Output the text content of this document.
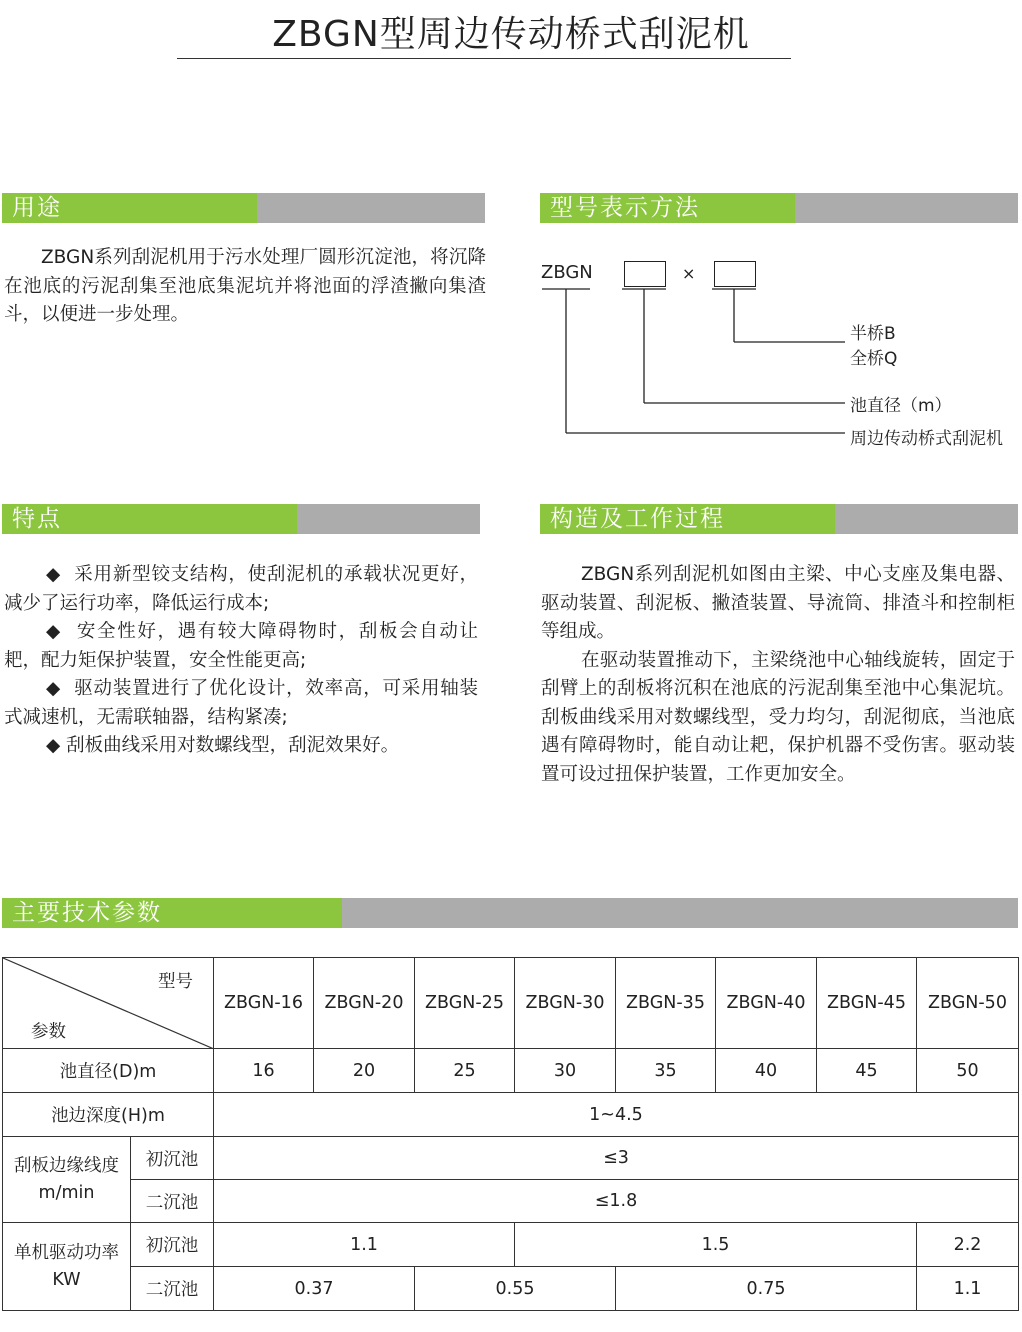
ZBGN型周边传动桥式刮泥机
用途

ZBGN系列刮泥机用于污水处理厂圆形沉淀池，将沉降在池底的污泥刮集至池底集泥坑并将池面的浮渣撇向集渣斗，以便进一步处理。

型号表示方法
ZBGN	×
半桥B
全桥Q
池直径（m）
周边传动桥式刮泥机
特点

◆ 采用新型铰支结构，使刮泥机的承载状况更好，减少了运行功率，降低运行成本;

◆ 安全性好，遇有较大障碍物时，刮板会自动让耙，配力矩保护装置，安全性能更高;

◆ 驱动装置进行了优化设计，效率高，可采用轴装式减速机，无需联轴器，结构紧凑;

◆ 刮板曲线采用对数螺线型，刮泥效果好。

构造及工作过程

ZBGN系列刮泥机如图由主梁、中心支座及集电器、驱动装置、刮泥板、撇渣装置、导流筒、排渣斗和控制柜等组成。

在驱动装置推动下，主梁绕池中心轴线旋转，固定于刮臂上的刮板将沉积在池底的污泥刮集至池中心集泥坑。刮板曲线采用对数螺线型，受力均匀，刮泥彻底，当池底遇有障碍物时，能自动让耙，保护机器不受伤害。驱动装置可设过扭保护装置，工作更加安全。

主要技术参数
型号
参数		ZBGN-16	ZBGN-20	ZBGN-25	ZBGN-30	ZBGN-35	ZBGN-40	ZBGN-45	ZBGN-50
池直径(D)m		16	20	25	30	35	40	45	50
池边深度(H)m		1~4.5							

刮板边缘线度
m/min	初沉池	≤3							
	二沉池	≤1.8							

单机驱动功率
KW	初沉池	1.1			1.5				2.2
	二沉池	0.37		0.55		0.75			1.1
